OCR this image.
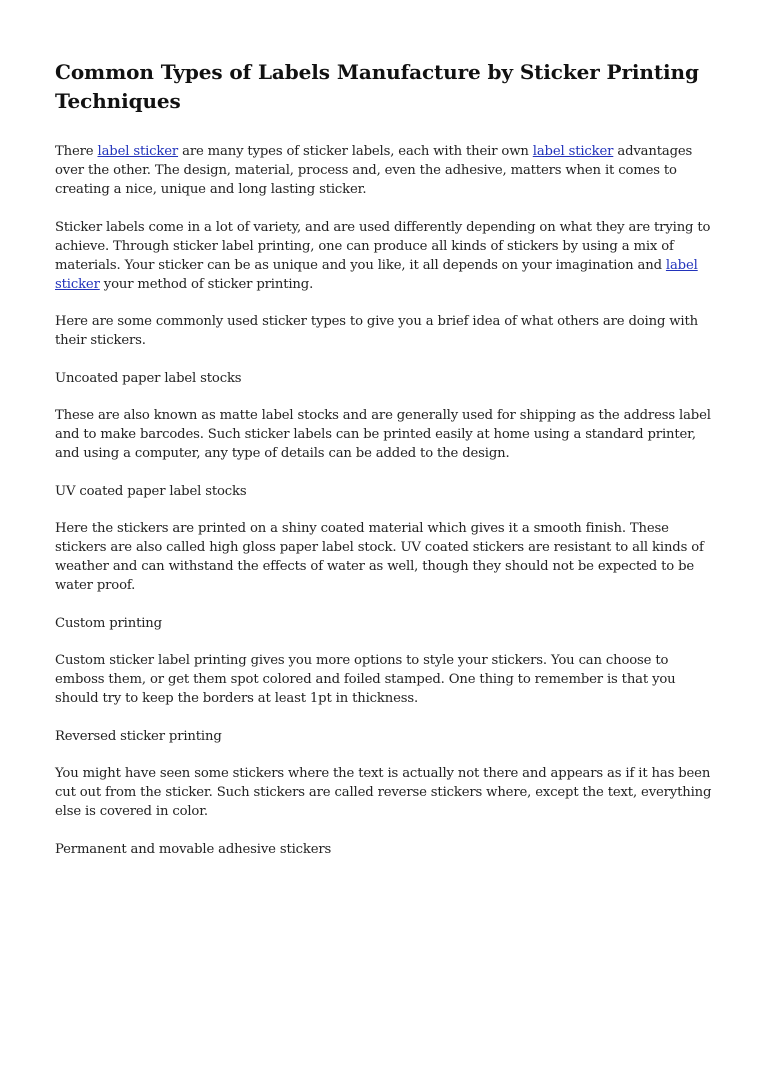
Common Types of Labels Manufacture by Sticker Printing Techniques

There label sticker are many types of sticker labels, each with their own label sticker advantages over the other. The design, material, process and, even the adhesive, matters when it comes to creating a nice, unique and long lasting sticker.

Sticker labels come in a lot of variety, and are used differently depending on what they are trying to achieve. Through sticker label printing, one can produce all kinds of stickers by using a mix of materials. Your sticker can be as unique and you like, it all depends on your imagination and label sticker your method of sticker printing.

Here are some commonly used sticker types to give you a brief idea of what others are doing with their stickers.

Uncoated paper label stocks

These are also known as matte label stocks and are generally used for shipping as the address label and to make barcodes. Such sticker labels can be printed easily at home using a standard printer, and using a computer, any type of details can be added to the design.

UV coated paper label stocks

Here the stickers are printed on a shiny coated material which gives it a smooth finish. These stickers are also called high gloss paper label stock. UV coated stickers are resistant to all kinds of weather and can withstand the effects of water as well, though they should not be expected to be water proof.

Custom printing

Custom sticker label printing gives you more options to style your stickers. You can choose to emboss them, or get them spot colored and foiled stamped. One thing to remember is that you should try to keep the borders at least 1pt in thickness.

Reversed sticker printing

You might have seen some stickers where the text is actually not there and appears as if it has been cut out from the sticker. Such stickers are called reverse stickers where, except the text, everything else is covered in color.

Permanent and movable adhesive stickers
